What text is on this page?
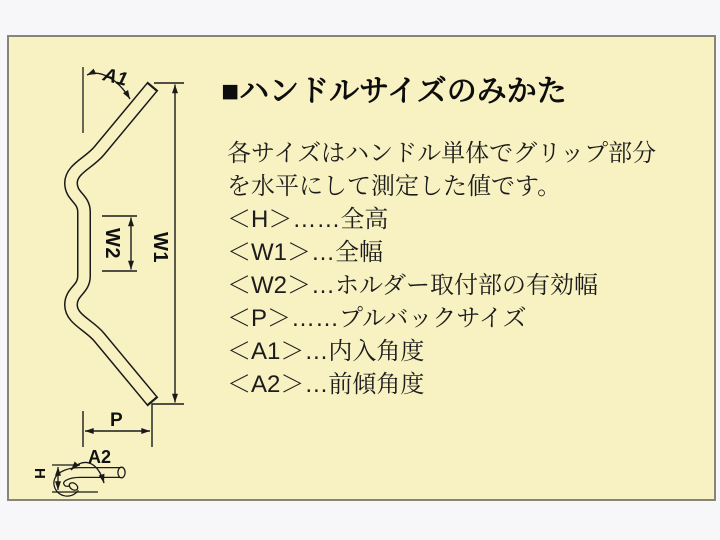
A1
W1
W2
P
A2
H
■ハンドルサイズのみかた
各サイズはハンドル単体でグリップ部分
を水平にして測定した値です。
＜H＞……全高
＜W1＞…全幅
＜W2＞…ホルダー取付部の有効幅
＜P＞……プルバックサイズ
＜A1＞…内入角度
＜A2＞…前傾角度
